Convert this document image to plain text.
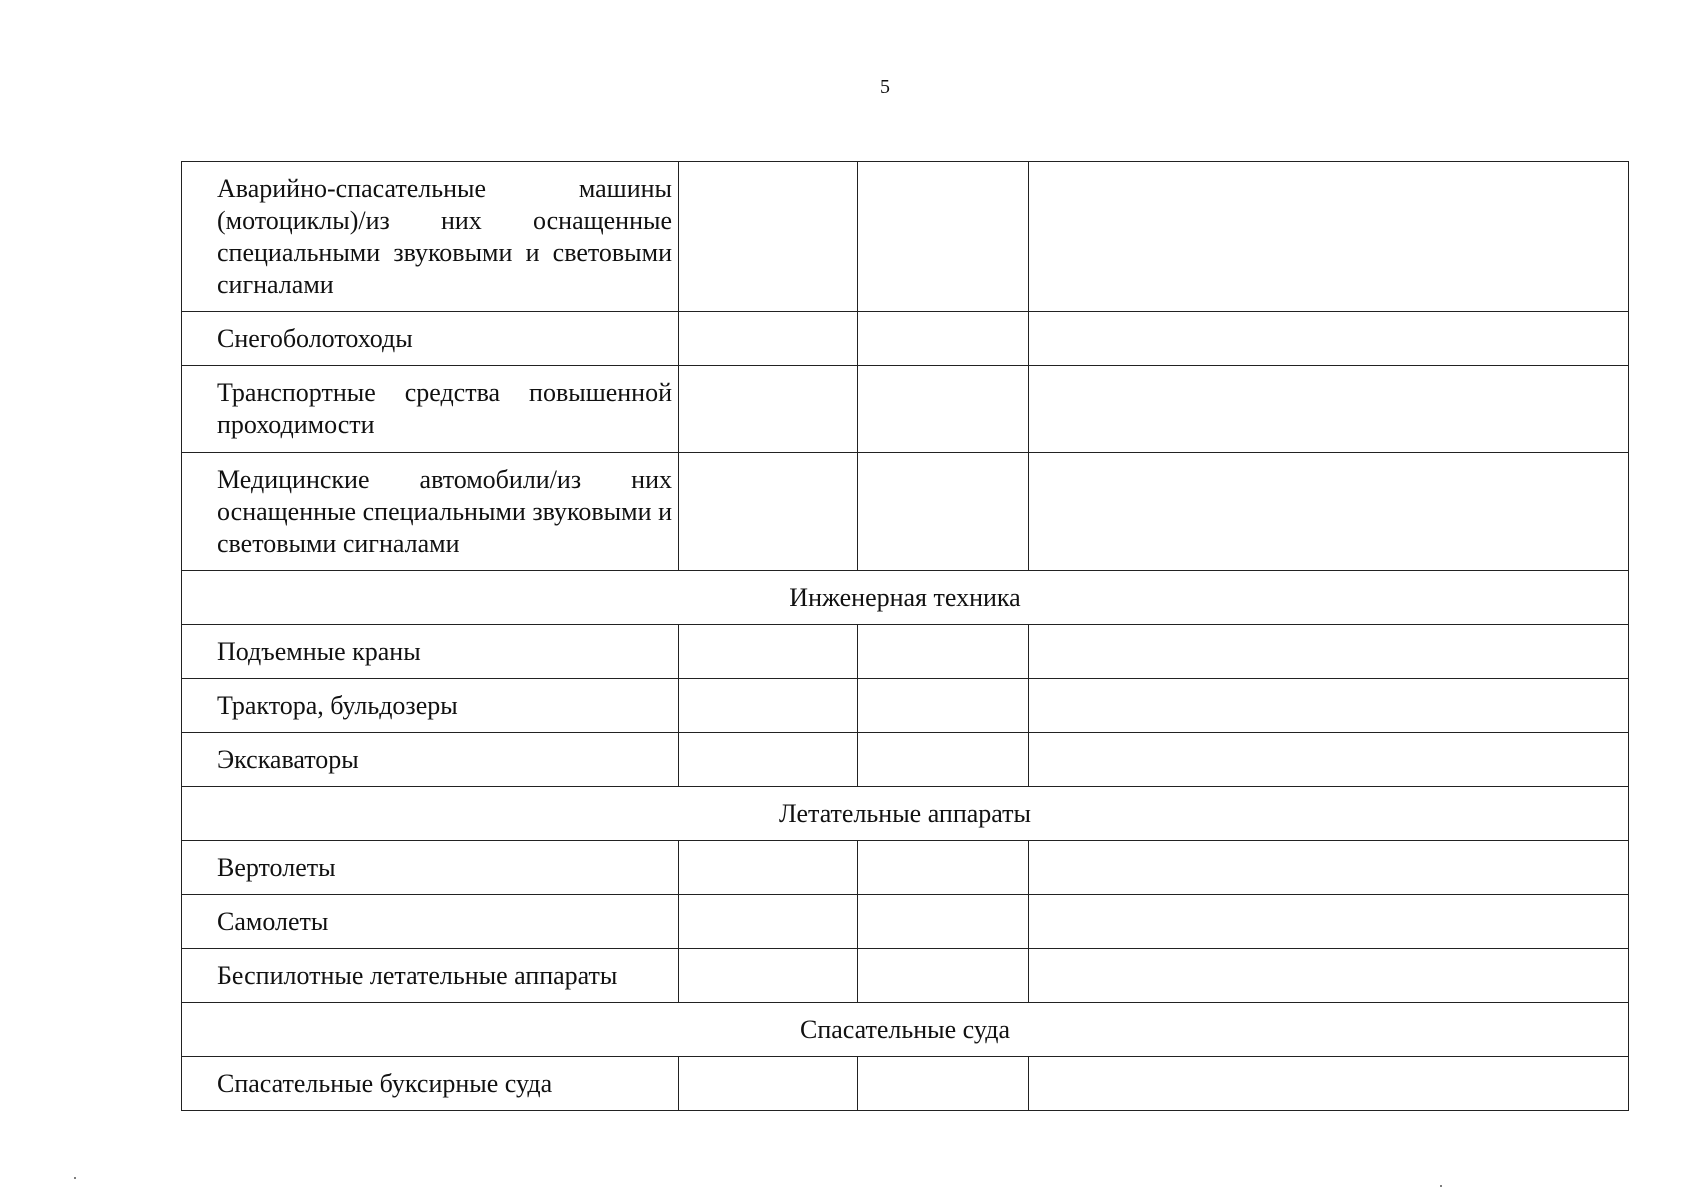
5
Аварийно-спасательные машины (мотоциклы)/из них оснащенные специальными звуковыми и световыми сигналами			

Снегоболотоходы			

Транспортные средства повышенной проходимости			

Медицинские автомобили/из них оснащенные специальными звуковыми и световыми сигналами			

Инженерная техника			

Подъемные краны			

Трактора, бульдозеры			

Экскаваторы			

Летательные аппараты			

Вертолеты			

Самолеты			

Беспилотные летательные аппараты			

Спасательные суда			

Спасательные буксирные суда			
